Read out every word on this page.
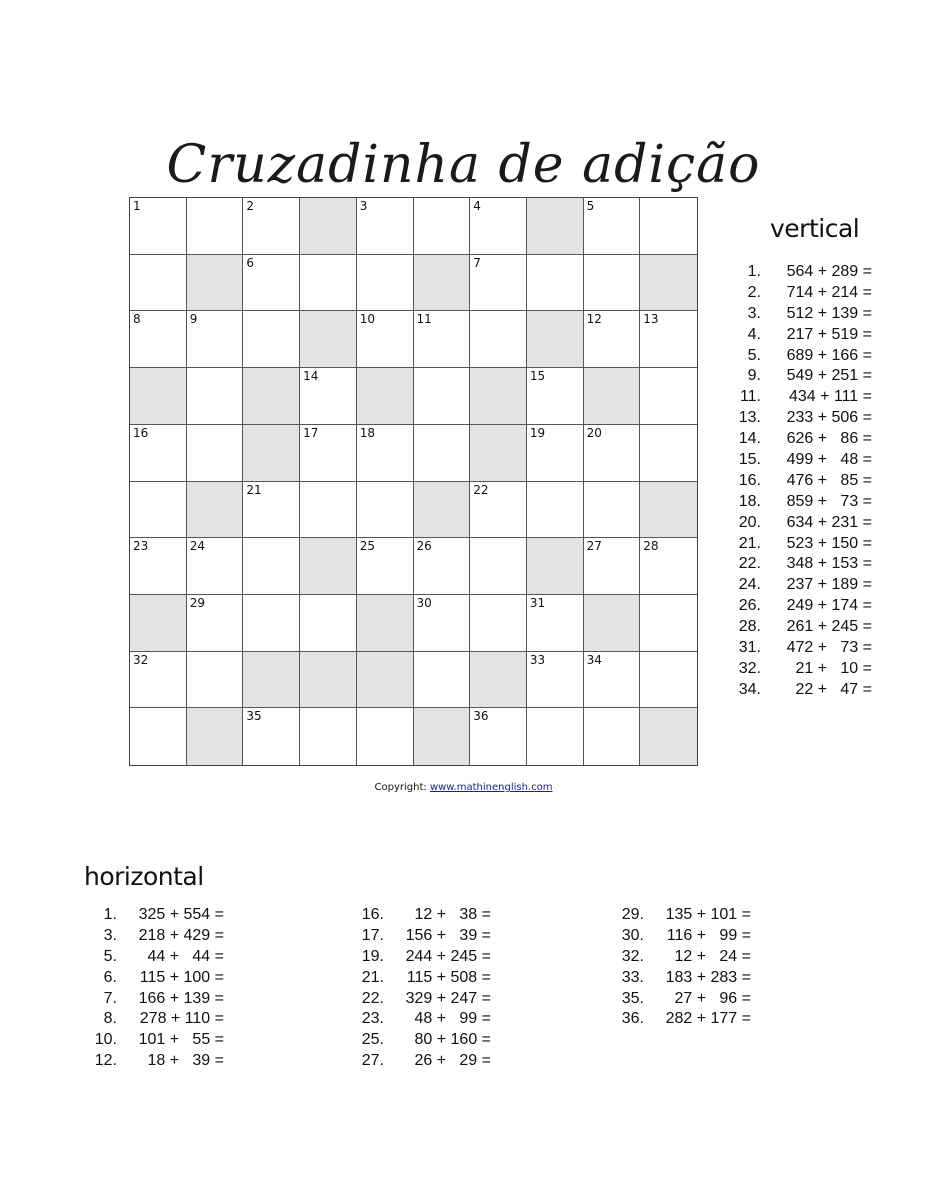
Cruzadinha de adição
1	2	3	4	5
6	7
8	9	10	11	12	13
14	15
16	17	18	19	20
21	22
23	24	25	26	27	28
29	30	31
32	33	34
35	36
Copyright: www.mathinenglish.com
vertical
1.	564 + 289 =
2.	714 + 214 =
3.	512 + 139 =
4.	217 + 519 =
5.	689 + 166 =
9.	549 + 251 =
11.	434 + 111 =
13.	233 + 506 =
14.	626 +   86 =
15.	499 +   48 =
16.	476 +   85 =
18.	859 +   73 =
20.	634 + 231 =
21.	523 + 150 =
22.	348 + 153 =
24.	237 + 189 =
26.	249 + 174 =
28.	261 + 245 =
31.	472 +   73 =
32.	21 +   10 =
34.	22 +   47 =
horizontal
1.	325 + 554 =
3.	218 + 429 =
5.	44 +   44 =
6.	115 + 100 =
7.	166 + 139 =
8.	278 + 110 =
10.	101 +   55 =
12.	18 +   39 =
16.	12 +   38 =
17.	156 +   39 =
19.	244 + 245 =
21.	115 + 508 =
22.	329 + 247 =
23.	48 +   99 =
25.	80 + 160 =
27.	26 +   29 =
29.	135 + 101 =
30.	116 +   99 =
32.	12 +   24 =
33.	183 + 283 =
35.	27 +   96 =
36.	282 + 177 =
